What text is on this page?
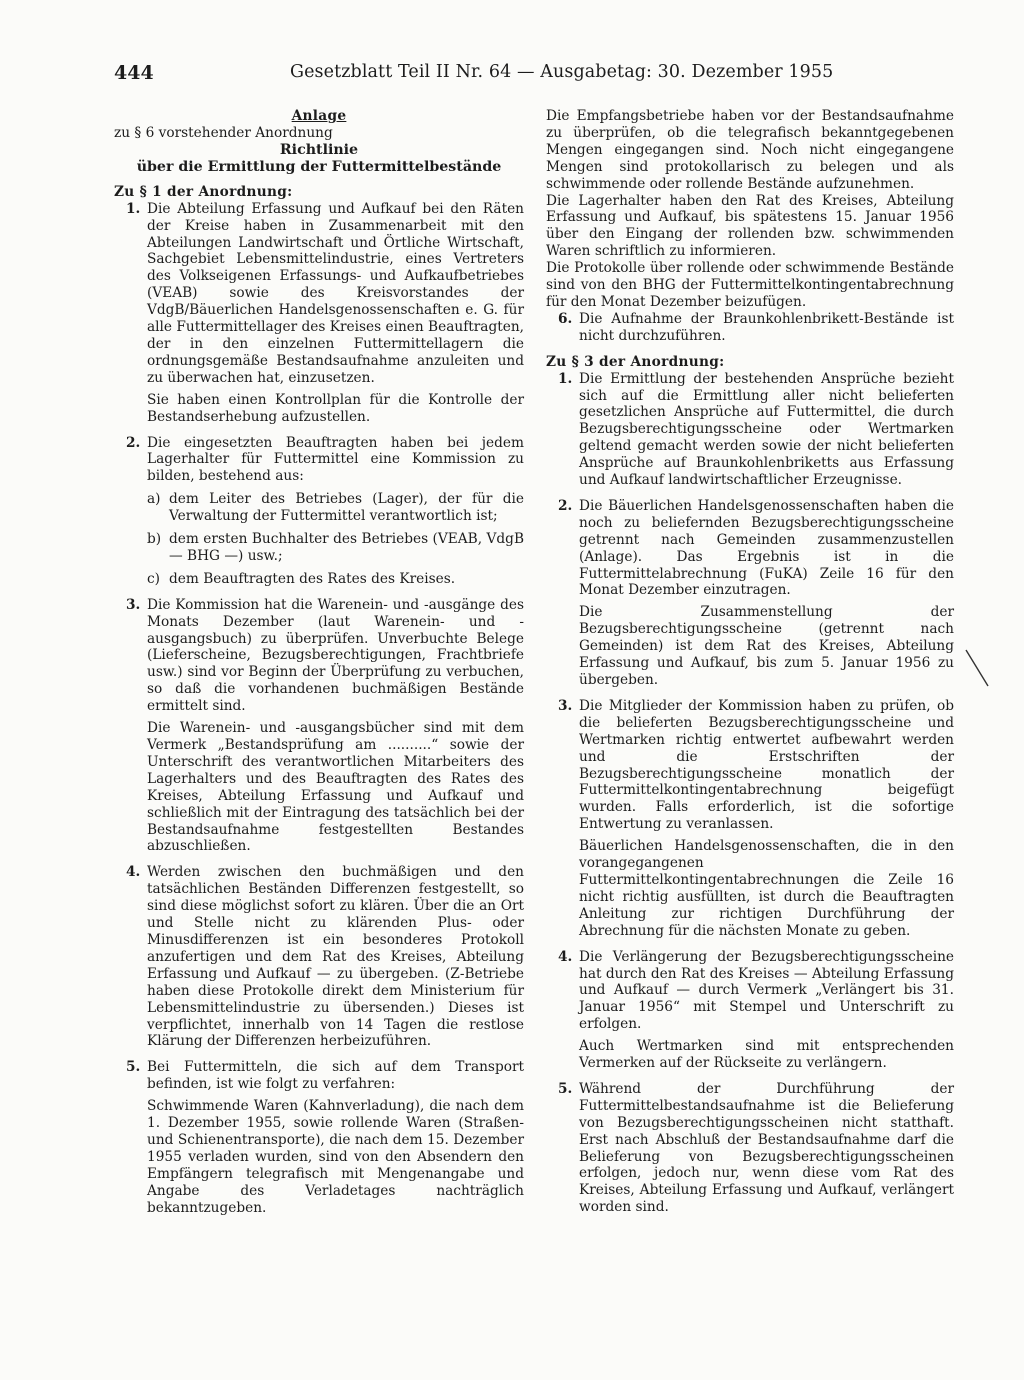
444	Gesetzblatt Teil II Nr. 64 — Ausgabetag: 30. Dezember 1955

Anlage

zu § 6 vorstehender Anordnung

Richtlinie

über die Ermittlung der Futtermittelbestände

Zu § 1 der Anordnung:

1. Die Abteilung Erfassung und Aufkauf bei den Räten der Kreise haben in Zusammenarbeit mit den Abteilungen Landwirtschaft und Örtliche Wirtschaft, Sachgebiet Lebensmittelindustrie, eines Vertreters des Volkseigenen Erfassungs- und Aufkaufbetriebes (VEAB) sowie des Kreisvorstandes der VdgB/Bäuerlichen Handelsgenossenschaften e. G. für alle Futtermittellager des Kreises einen Beauftragten, der in den einzelnen Futtermittellagern die ordnungsgemäße Bestandsaufnahme anzuleiten und zu überwachen hat, einzusetzen.

Sie haben einen Kontrollplan für die Kontrolle der Bestandserhebung aufzustellen.

2. Die eingesetzten Beauftragten haben bei jedem Lagerhalter für Futtermittel eine Kommission zu bilden, bestehend aus:

a) dem Leiter des Betriebes (Lager), der für die Verwaltung der Futtermittel verantwortlich ist;

b) dem ersten Buchhalter des Betriebes (VEAB, VdgB — BHG —) usw.;

c) dem Beauftragten des Rates des Kreises.

3. Die Kommission hat die Warenein- und -ausgänge des Monats Dezember (laut Warenein- und -ausgangsbuch) zu überprüfen. Unverbuchte Belege (Lieferscheine, Bezugsberechtigungen, Frachtbriefe usw.) sind vor Beginn der Überprüfung zu verbuchen, so daß die vorhandenen buchmäßigen Bestände ermittelt sind.

Die Warenein- und -ausgangsbücher sind mit dem Vermerk „Bestandsprüfung am ..........“ sowie der Unterschrift des verantwortlichen Mitarbeiters des Lagerhalters und des Beauftragten des Rates des Kreises, Abteilung Erfassung und Aufkauf und schließlich mit der Eintragung des tatsächlich bei der Bestandsaufnahme festgestellten Bestandes abzuschließen.

4. Werden zwischen den buchmäßigen und den tatsächlichen Beständen Differenzen festgestellt, so sind diese möglichst sofort zu klären. Über die an Ort und Stelle nicht zu klärenden Plus- oder Minusdifferenzen ist ein besonderes Protokoll anzufertigen und dem Rat des Kreises, Abteilung Erfassung und Aufkauf — zu übergeben. (Z-Betriebe haben diese Protokolle direkt dem Ministerium für Lebensmittelindustrie zu übersenden.) Dieses ist verpflichtet, innerhalb von 14 Tagen die restlose Klärung der Differenzen herbeizuführen.

5. Bei Futtermitteln, die sich auf dem Transport befinden, ist wie folgt zu verfahren:

Schwimmende Waren (Kahnverladung), die nach dem 1. Dezember 1955, sowie rollende Waren (Straßen- und Schienentransporte), die nach dem 15. Dezember 1955 verladen wurden, sind von den Absendern den Empfängern telegrafisch mit Mengenangabe und Angabe des Verladetages nachträglich bekanntzugeben.

Die Empfangsbetriebe haben vor der Bestandsaufnahme zu überprüfen, ob die telegrafisch bekanntgegebenen Mengen eingegangen sind. Noch nicht eingegangene Mengen sind protokollarisch zu belegen und als schwimmende oder rollende Bestände aufzunehmen.

Die Lagerhalter haben den Rat des Kreises, Abteilung Erfassung und Aufkauf, bis spätestens 15. Januar 1956 über den Eingang der rollenden bzw. schwimmenden Waren schriftlich zu informieren.

Die Protokolle über rollende oder schwimmende Bestände sind von den BHG der Futtermittelkontingentabrechnung für den Monat Dezember beizufügen.

6. Die Aufnahme der Braunkohlenbrikett-Bestände ist nicht durchzuführen.

Zu § 3 der Anordnung:

1. Die Ermittlung der bestehenden Ansprüche bezieht sich auf die Ermittlung aller nicht belieferten gesetzlichen Ansprüche auf Futtermittel, die durch Bezugsberechtigungsscheine oder Wertmarken geltend gemacht werden sowie der nicht belieferten Ansprüche auf Braunkohlenbriketts aus Erfassung und Aufkauf landwirtschaftlicher Erzeugnisse.

2. Die Bäuerlichen Handelsgenossenschaften haben die noch zu beliefernden Bezugsberechtigungsscheine getrennt nach Gemeinden zusammenzustellen (Anlage). Das Ergebnis ist in die Futtermittelabrechnung (FuKA) Zeile 16 für den Monat Dezember einzutragen.

Die Zusammenstellung der Bezugsberechtigungsscheine (getrennt nach Gemeinden) ist dem Rat des Kreises, Abteilung Erfassung und Aufkauf, bis zum 5. Januar 1956 zu übergeben.

3. Die Mitglieder der Kommission haben zu prüfen, ob die belieferten Bezugsberechtigungsscheine und Wertmarken richtig entwertet aufbewahrt werden und die Erstschriften der Bezugsberechtigungsscheine monatlich der Futtermittelkontingentabrechnung beigefügt wurden. Falls erforderlich, ist die sofortige Entwertung zu veranlassen.

Bäuerlichen Handelsgenossenschaften, die in den vorangegangenen Futtermittelkontingentabrechnungen die Zeile 16 nicht richtig ausfüllten, ist durch die Beauftragten Anleitung zur richtigen Durchführung der Abrechnung für die nächsten Monate zu geben.

4. Die Verlängerung der Bezugsberechtigungsscheine hat durch den Rat des Kreises — Abteilung Erfassung und Aufkauf — durch Vermerk „Verlängert bis 31. Januar 1956“ mit Stempel und Unterschrift zu erfolgen.

Auch Wertmarken sind mit entsprechenden Vermerken auf der Rückseite zu verlängern.

5. Während der Durchführung der Futtermittelbestandsaufnahme ist die Belieferung von Bezugsberechtigungsscheinen nicht statthaft. Erst nach Abschluß der Bestandsaufnahme darf die Belieferung von Bezugsberechtigungsscheinen erfolgen, jedoch nur, wenn diese vom Rat des Kreises, Abteilung Erfassung und Aufkauf, verlängert worden sind.
